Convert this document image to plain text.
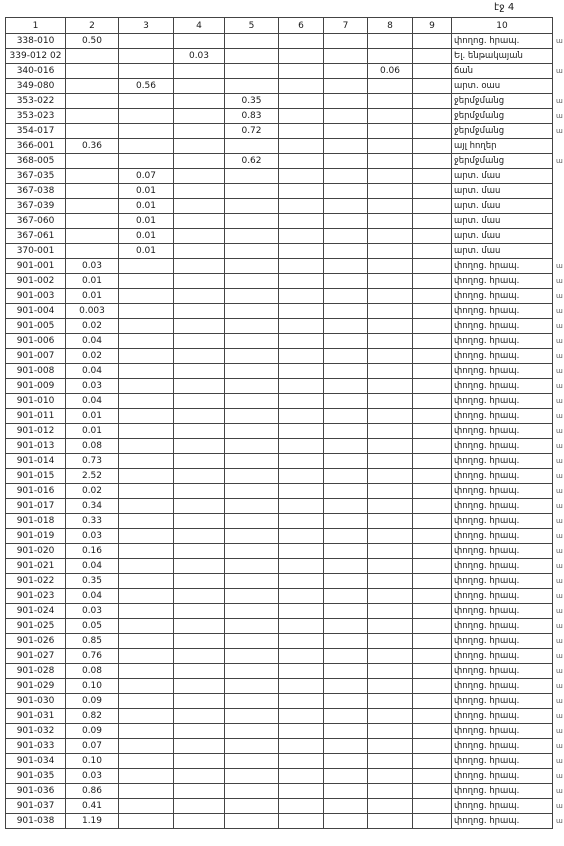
էջ 4
1	2	3	4	5	6	7	8	9	10
338-010	0.50								փողոց. հրապ. ա

339-012 02			0.03						Ել. ենթակայան
340-016							0.06		ճան ա

349-080		0.56							արտ. օաս
353-022				0.35					ջերմջմանց ա

353-023				0.83					ջերմջմանց ա

354-017				0.72					ջերմջմանց ա

366-001	0.36								այլ հողեր
368-005				0.62					ջերմջմանց ա

367-035		0.07							արտ. մաս
367-038		0.01							արտ. մաս
367-039		0.01							արտ. մաս
367-060		0.01							արտ. մաս
367-061		0.01							արտ. մաս
370-001		0.01							արտ. մաս
901-001	0.03								փողոց. հրապ. ա

901-002	0.01								փողոց. հրապ. ա

901-003	0.01								փողոց. հրապ. ա

901-004	0.003								փողոց. հրապ. ա

901-005	0.02								փողոց. հրապ. ա

901-006	0.04								փողոց. հրապ. ա

901-007	0.02								փողոց. հրապ. ա

901-008	0.04								փողոց. հրապ. ա

901-009	0.03								փողոց. հրապ. ա

901-010	0.04								փողոց. հրապ. ա

901-011	0.01								փողոց. հրապ. ա

901-012	0.01								փողոց. հրապ. ա

901-013	0.08								փողոց. հրապ. ա

901-014	0.73								փողոց. հրապ. ա

901-015	2.52								փողոց. հրապ. ա

901-016	0.02								փողոց. հրապ. ա

901-017	0.34								փողոց. հրապ. ա

901-018	0.33								փողոց. հրապ. ա

901-019	0.03								փողոց. հրապ. ա

901-020	0.16								փողոց. հրապ. ա

901-021	0.04								փողոց. հրապ. ա

901-022	0.35								փողոց. հրապ. ա

901-023	0.04								փողոց. հրապ. ա

901-024	0.03								փողոց. հրապ. ա

901-025	0.05								փողոց. հրապ. ա

901-026	0.85								փողոց. հրապ. ա

901-027	0.76								փողոց. հրապ. ա

901-028	0.08								փողոց. հրապ. ա

901-029	0.10								փողոց. հրապ. ա

901-030	0.09								փողոց. հրապ. ա

901-031	0.82								փողոց. հրապ. ա

901-032	0.09								փողոց. հրապ. ա

901-033	0.07								փողոց. հրապ. ա

901-034	0.10								փողոց. հրապ. ա

901-035	0.03								փողոց. հրապ. ա

901-036	0.86								փողոց. հրապ. ա

901-037	0.41								փողոց. հրապ. ա

901-038	1.19								փողոց. հրապ. ա
